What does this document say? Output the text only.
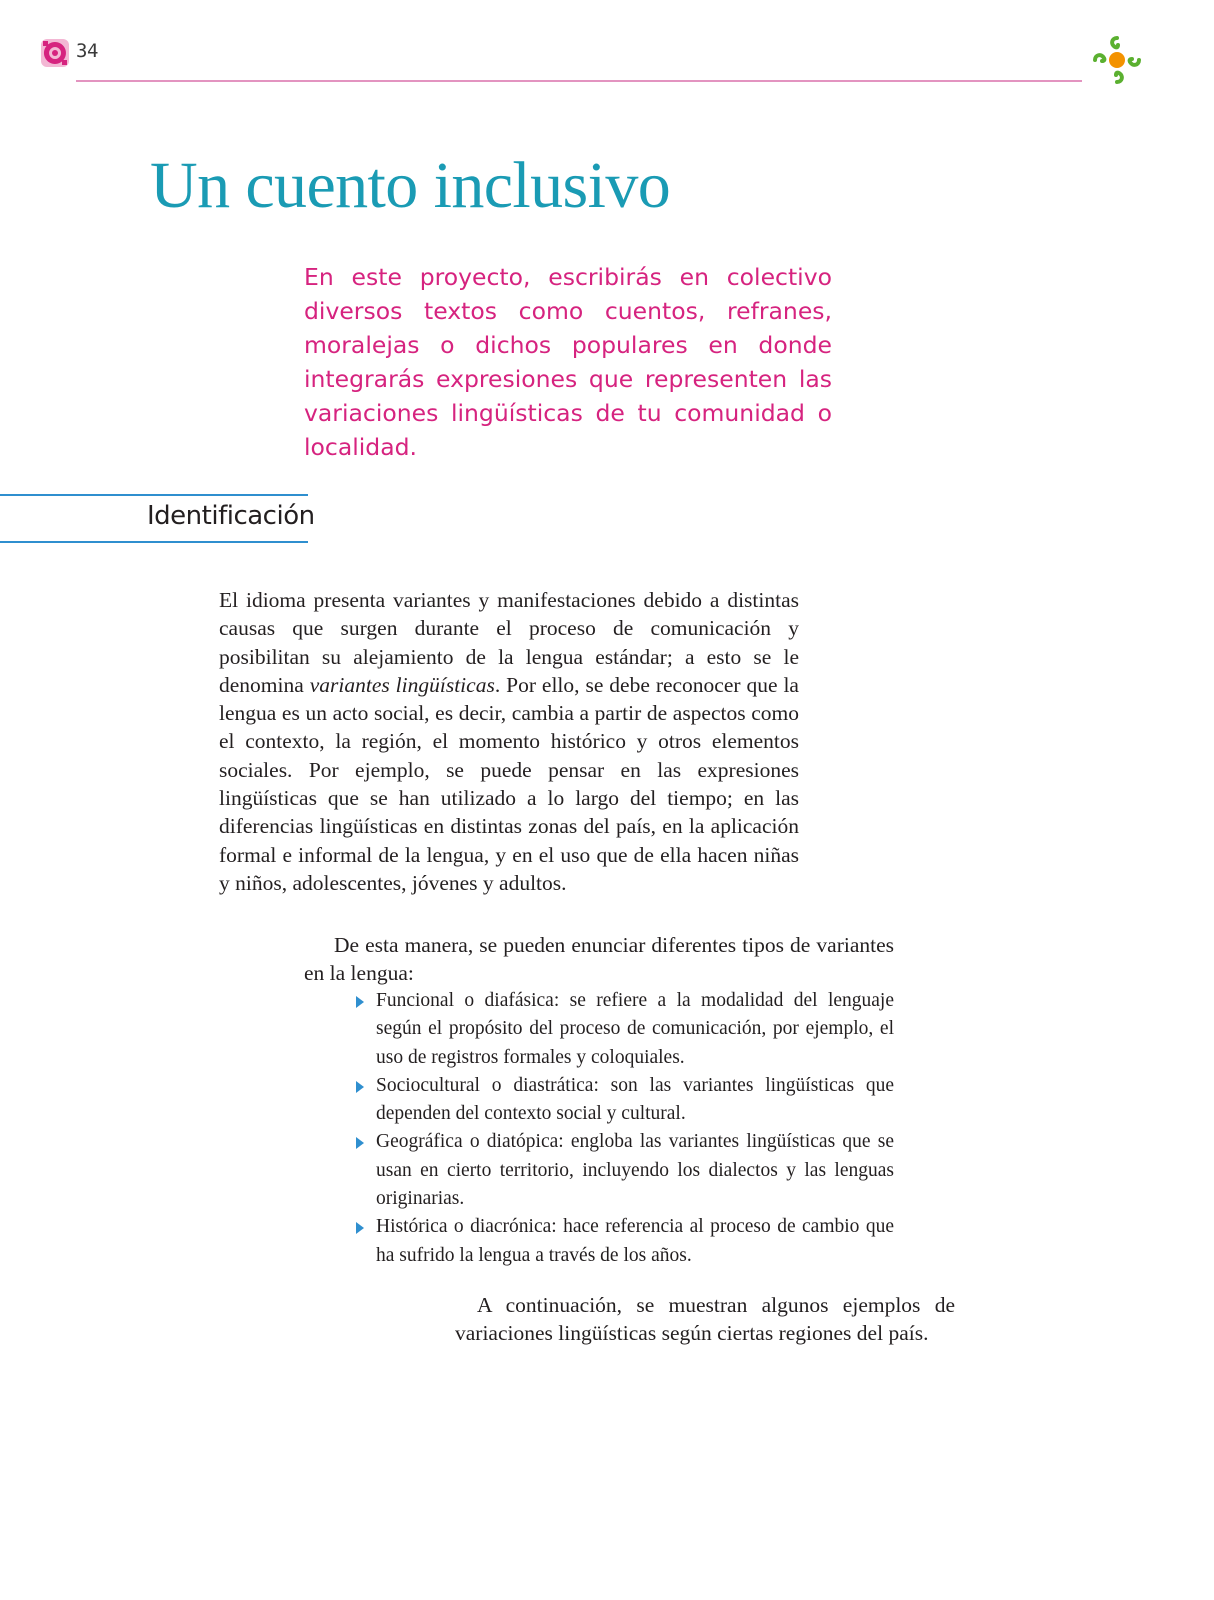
34
Un cuento inclusivo

En este proyecto, escribirás en colectivo diversos textos como cuentos, refranes, moralejas o dichos populares en donde integrarás expresiones que representen las variaciones lingüísticas de tu comunidad o localidad.

Identificación

El idioma presenta variantes y manifestaciones debido a distintas causas que surgen durante el proceso de comunicación y posibilitan su alejamiento de la lengua estándar; a esto se le denomina variantes lingüísticas. Por ello, se debe reconocer que la lengua es un acto social, es decir, cambia a partir de aspectos como el contexto, la región, el momento histórico y otros elementos sociales. Por ejemplo, se puede pensar en las expresiones lingüísticas que se han utilizado a lo largo del tiempo; en las diferencias lingüísticas en distintas zonas del país, en la aplicación formal e informal de la lengua, y en el uso que de ella hacen niñas y niños, adolescentes, jóvenes y adultos.

De esta manera, se pueden enunciar diferentes tipos de variantes en la lengua:

Funcional o diafásica: se refiere a la modalidad del lenguaje según el propósito del proceso de comunicación, por ejemplo, el uso de registros formales y coloquiales.
Sociocultural o diastrática: son las variantes lingüísticas que dependen del contexto social y cultural.
Geográfica o diatópica: engloba las variantes lingüísticas que se usan en cierto territorio, incluyendo los dialectos y las lenguas originarias.
Histórica o diacrónica: hace referencia al proceso de cambio que ha sufrido la lengua a través de los años.

A continuación, se muestran algunos ejemplos de variaciones lingüísticas según ciertas regiones del país.
